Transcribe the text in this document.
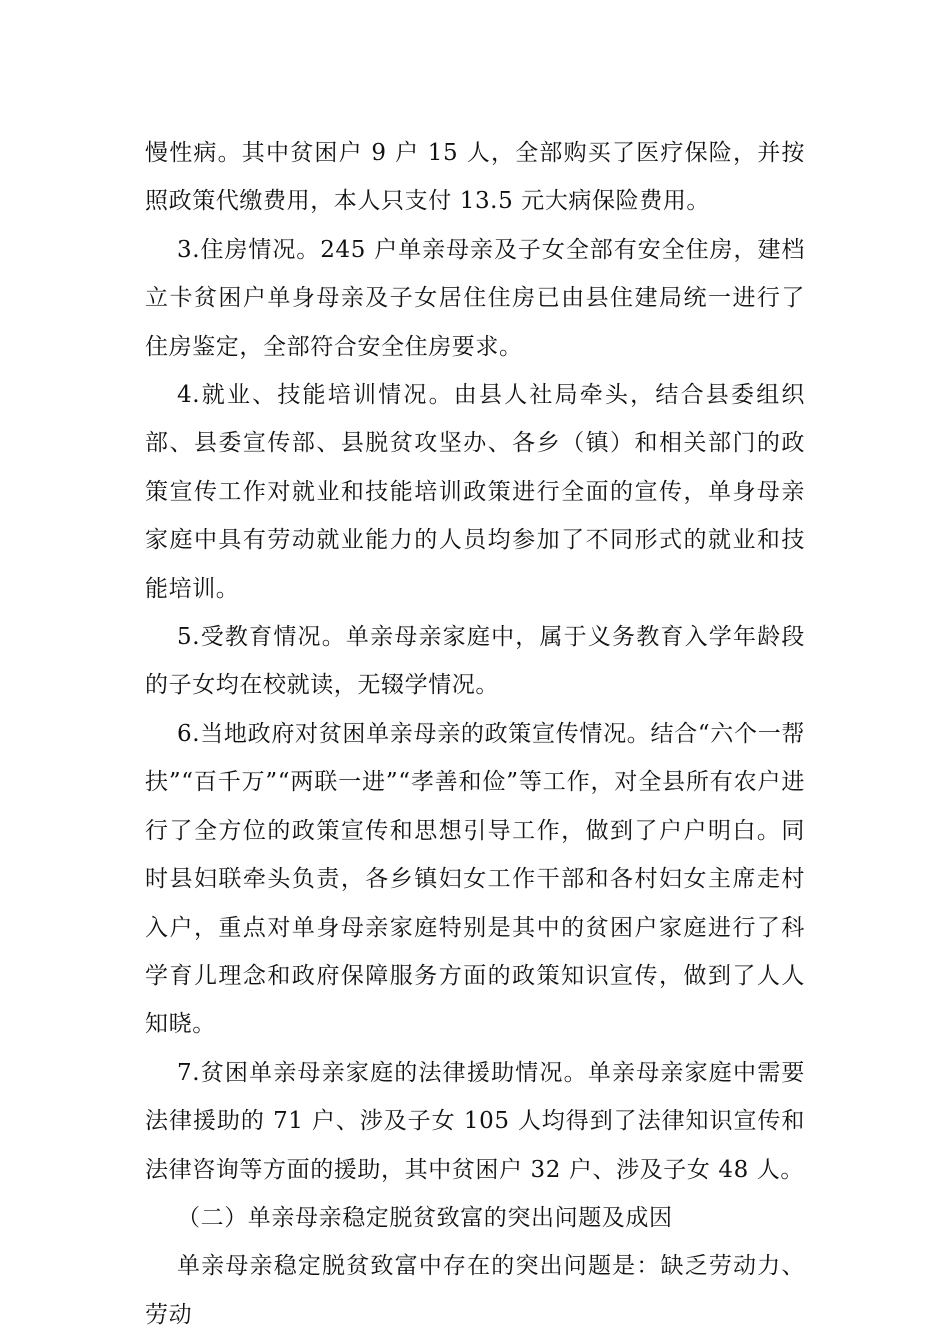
慢性病。其中贫困户 9 户 15 人，全部购买了医疗保险，并按照政策代缴费用，本人只支付 13.5 元大病保险费用。

3.住房情况。245 户单亲母亲及子女全部有安全住房，建档立卡贫困户单身母亲及子女居住住房已由县住建局统一进行了住房鉴定，全部符合安全住房要求。

4.就业、技能培训情况。由县人社局牵头，结合县委组织部、县委宣传部、县脱贫攻坚办、各乡（镇）和相关部门的政策宣传工作对就业和技能培训政策进行全面的宣传，单身母亲家庭中具有劳动就业能力的人员均参加了不同形式的就业和技能培训。

5.受教育情况。单亲母亲家庭中，属于义务教育入学年龄段的子女均在校就读，无辍学情况。

6.当地政府对贫困单亲母亲的政策宣传情况。结合“六个一帮扶”“百千万”“两联一进”“孝善和俭”等工作，对全县所有农户进行了全方位的政策宣传和思想引导工作，做到了户户明白。同时县妇联牵头负责，各乡镇妇女工作干部和各村妇女主席走村入户，重点对单身母亲家庭特别是其中的贫困户家庭进行了科学育儿理念和政府保障服务方面的政策知识宣传，做到了人人知晓。

7.贫困单亲母亲家庭的法律援助情况。单亲母亲家庭中需要法律援助的 71 户、涉及子女 105 人均得到了法律知识宣传和法律咨询等方面的援助，其中贫困户 32 户、涉及子女 48 人。

（二）单亲母亲稳定脱贫致富的突出问题及成因

单亲母亲稳定脱贫致富中存在的突出问题是：缺乏劳动力、劳动
